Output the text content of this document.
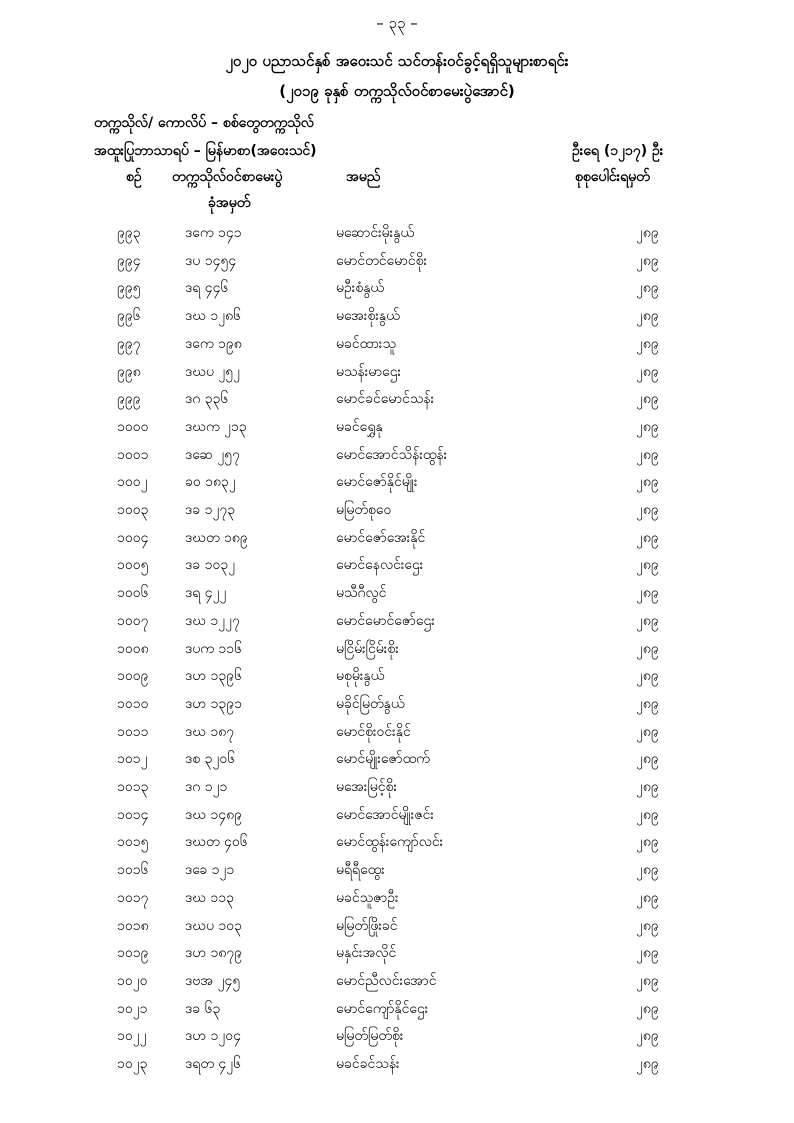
– ၃၃ –
၂၀၂၀ ပညာသင်နှစ် အဝေးသင် သင်တန်းဝင်ခွင့်ရရှိသူများစာရင်း
(၂၀၁၉ ခုနှစ် တက္ကသိုလ်ဝင်စာမေးပွဲအောင်)
တက္ကသိုလ်/ ကောလိပ် – စစ်တွေတက္ကသိုလ်
အထူးပြုဘာသာရပ် – မြန်မာစာ(အဝေးသင်)	ဦးရေ (၁၂၁၇) ဦး
စဉ် တက္ကသိုလ်ဝင်စာမေးပွဲ
ခုံအမှတ်
အမည်	စုစုပေါင်းရမှတ်
၉၉၃	ဒကေ ၁၄၁	မဆောင်းမိုးနွယ်	၂၈၉
၉၉၄	ဒပ ၁၄၅၄	မောင်တင်မောင်စိုး	၂၈၉
၉၉၅	ဒရ ၄၄၆	မဦးစံနွယ်	၂၈၉
၉၉၆	ဒဃ ၁၂၈၆	မအေးစိုးနွယ်	၂၈၉
၉၉၇	ဒကေ ၁၉၈	မခင်ထားသူ	၂၈၉
၉၉၈	ဒဃပ ၂၅၂	မသန်းမာဌေး	၂၈၉
၉၉၉	ဒဂ ၃၃၆	မောင်ခင်မောင်သန်း	၂၈၉
၁၀၀၀	ဒဃက ၂၁၃	မခင်ရွှေနု	၂၈၉
၁၀၀၁	ဒဆေ ၂၅၇	မောင်အောင်သိန်းထွန်း	၂၈၉
၁၀၀၂	ခဝ ၁၈၃၂	မောင်ဇော်နိုင်မျိုး	၂၈၉
၁၀၀၃	ဒခ ၁၂၇၃	မမြတ်စုဝေ	၂၈၉
၁၀၀၄	ဒဃတ ၁၈၉	မောင်ဇော်အေးနိုင်	၂၈၉
၁၀၀၅	ဒခ ၁၀၃၂	မောင်နေလင်းဌေး	၂၈၉
၁၀၀၆	ဒရ ၄၂၂	မသီဂီလွင်	၂၈၉
၁၀၀၇	ဒဃ ၁၂၂၇	မောင်မောင်ဇော်ဌေး	၂၈၉
၁၀၀၈	ဒပက ၁၁၆	မငြိမ်းငြိမ်းစိုး	၂၈၉
၁၀၀၉	ဒဟ ၁၃၉၆	မစုမိုးနွယ်	၂၈၉
၁၀၁၀	ဒဟ ၁၃၉၁	မခိုင်မြတ်နွယ်	၂၈၉
၁၀၁၁	ဒဃ ၁၈၇	မောင်စိုးဝင်းနိုင်	၂၈၉
၁၀၁၂	ဒစ ၃၂၀၆	မောင်မျိုးဇော်ထက်	၂၈၉
၁၀၁၃	ဒဂ ၁၂၁	မအေးမြင့်စိုး	၂၈၉
၁၀၁၄	ဒဃ ၁၄၈၉	မောင်အောင်မျိုးဇင်း	၂၈၉
၁၀၁၅	ဒဃတ ၄၀၆	မောင်ထွန်းကျော်လင်း	၂၈၉
၁၀၁၆	ဒခေ ၁၂၁	မရီရီထွေး	၂၈၉
၁၀၁၇	ဒဃ ၁၁၃	မခင်သူဇာဦး	၂၈၉
၁၀၁၈	ဒဃပ ၁၀၃	မမြတ်ဖြိုးခင်	၂၈၉
၁၀၁၉	ဒဟ ၁၈၇၉	မနှင်းအလိုင်	၂၈၉
၁၀၂၀	ဒဗအ ၂၄၅	မောင်ညီလင်းအောင်	၂၈၉
၁၀၂၁	ဒခ ၆၃	မောင်ကျော်နိုင်ဌေး	၂၈၉
၁၀၂၂	ဒဟ ၁၂၀၄	မမြတ်မြတ်စိုး	၂၈၉
၁၀၂၃	ဒရတ ၄၂၆	မခင်ခင်သန်း	၂၈၉
